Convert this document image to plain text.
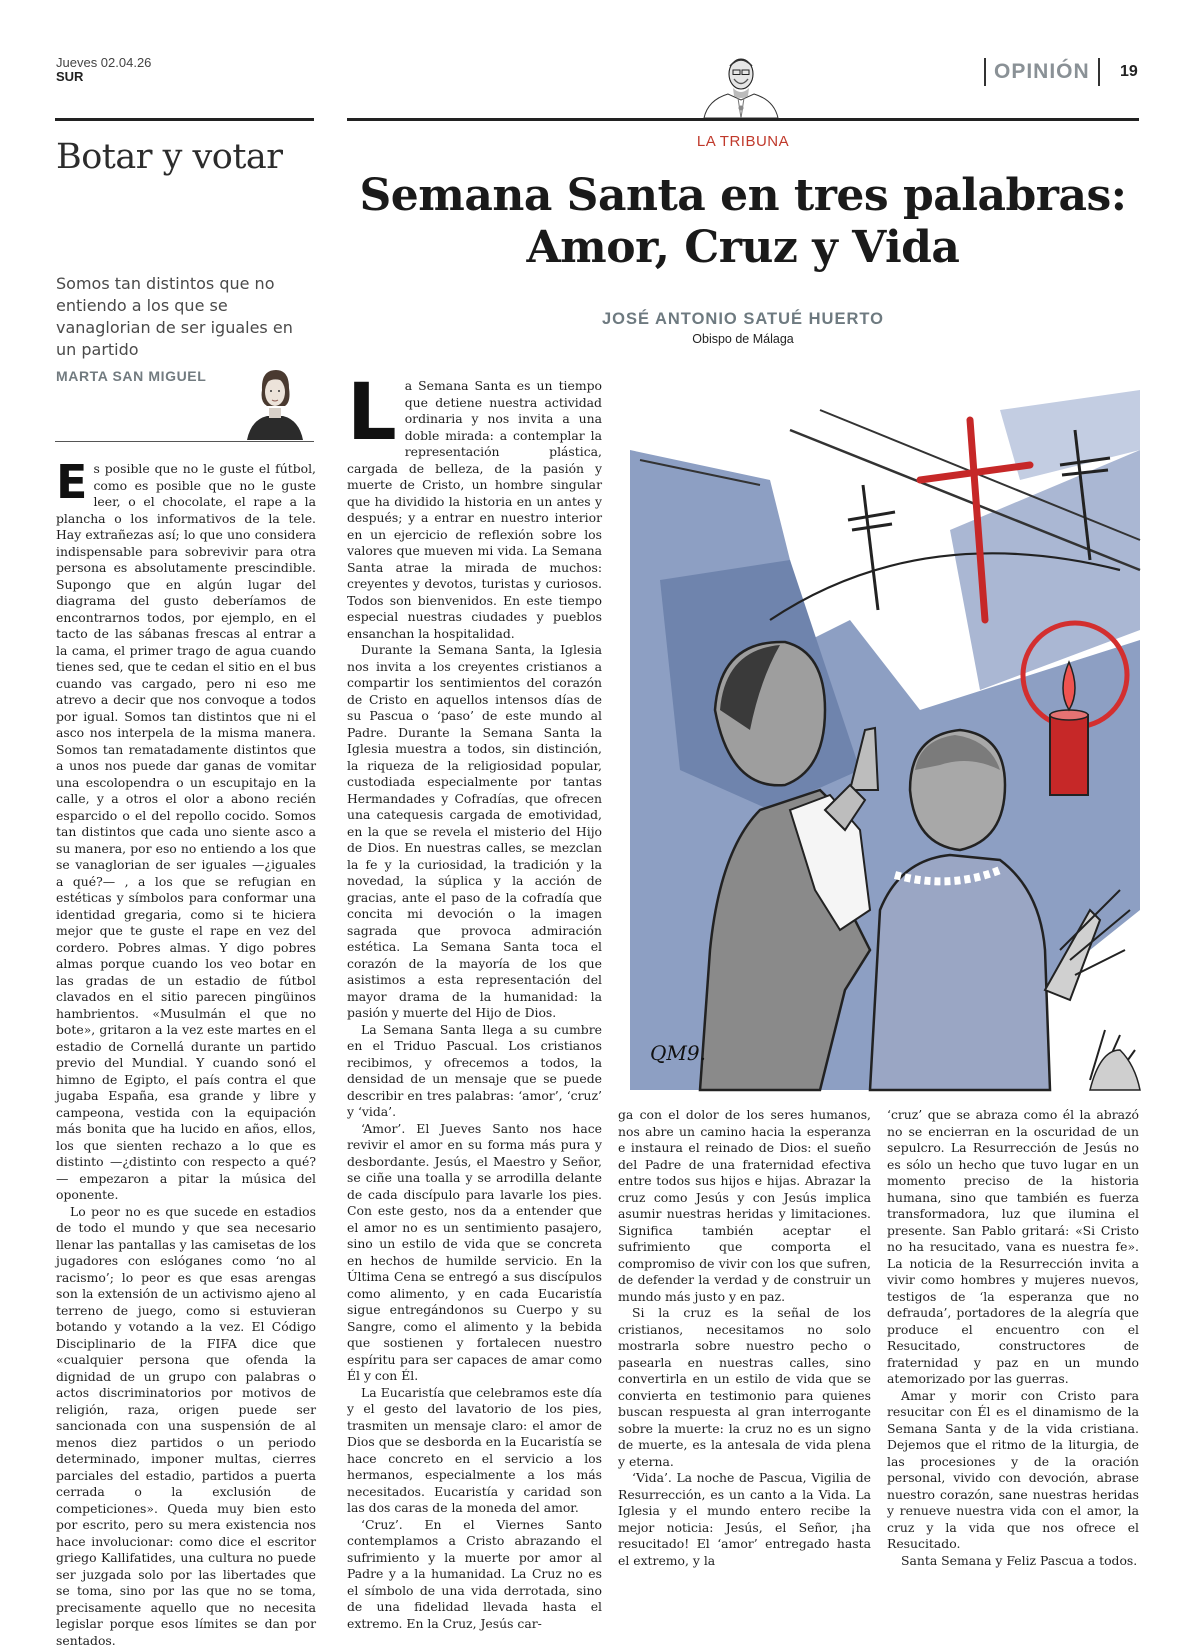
Jueves 02.04.26
SUR	OPINIÓN	19
Botar y votar
Somos tan distintos que no entiendo a los que se vanaglorian de ser iguales en un partido
MARTA SAN MIGUEL

Es posible que no le guste el fútbol, como es posible que no le guste leer, o el chocolate, el rape a la plancha o los informativos de la tele. Hay extrañezas así; lo que uno considera indispensable para sobrevivir para otra persona es absolutamente prescindible. Supongo que en algún lugar del diagrama del gusto deberíamos de encontrarnos todos, por ejemplo, en el tacto de las sábanas frescas al entrar a la cama, el primer trago de agua cuando tienes sed, que te cedan el sitio en el bus cuando vas cargado, pero ni eso me atrevo a decir que nos convoque a todos por igual. Somos tan distintos que ni el asco nos interpela de la misma manera. Somos tan rematadamente distintos que a unos nos puede dar ganas de vomitar una escolopendra o un escupitajo en la calle, y a otros el olor a abono recién esparcido o el del repollo cocido. Somos tan distintos que cada uno siente asco a su manera, por eso no entiendo a los que se vanaglorian de ser iguales —¿iguales a qué?— , a los que se refugian en estéticas y símbolos para conformar una identidad gregaria, como si te hiciera mejor que te guste el rape en vez del cordero. Pobres almas. Y digo pobres almas porque cuando los veo botar en las gradas de un estadio de fútbol clavados en el sitio parecen pingüinos hambrientos. «Musulmán el que no bote», gritaron a la vez este martes en el estadio de Cornellá durante un partido previo del Mundial. Y cuando sonó el himno de Egipto, el país contra el que jugaba España, esa grande y libre y campeona, vestida con la equipación más bonita que ha lucido en años, ellos, los que sienten rechazo a lo que es distinto —¿distinto con respecto a qué?— empezaron a pitar la música del oponente.

Lo peor no es que sucede en estadios de todo el mundo y que sea necesario llenar las pantallas y las camisetas de los jugadores con eslóganes como ‘no al racismo’; lo peor es que esas arengas son la extensión de un activismo ajeno al terreno de juego, como si estuvieran botando y votando a la vez. El Código Disciplinario de la FIFA dice que «cualquier persona que ofenda la dignidad de un grupo con palabras o actos discriminatorios por motivos de religión, raza, origen puede ser sancionada con una suspensión de al menos diez partidos o un periodo determinado, imponer multas, cierres parciales del estadio, partidos a puerta cerrada o la exclusión de competiciones». Queda muy bien esto por escrito, pero su mera existencia nos hace involucionar: como dice el escritor griego Kallifatides, una cultura no puede ser juzgada solo por las libertades que se toma, sino por las que no se toma, precisamente aquello que no necesita legislar porque esos límites se dan por sentados.

LA TRIBUNA
Semana Santa en tres palabras:
Amor, Cruz y Vida
JOSÉ ANTONIO SATUÉ HUERTO
Obispo de Málaga

La Semana Santa es un tiempo que detiene nuestra actividad ordinaria y nos invita a una doble mirada: a contemplar la representación plástica, cargada de belleza, de la pasión y muerte de Cristo, un hombre singular que ha dividido la historia en un antes y después; y a entrar en nuestro interior en un ejercicio de reflexión sobre los valores que mueven mi vida. La Semana Santa atrae la mirada de muchos: creyentes y devotos, turistas y curiosos. Todos son bienvenidos. En este tiempo especial nuestras ciudades y pueblos ensanchan la hospitalidad.

Durante la Semana Santa, la Iglesia nos invita a los creyentes cristianos a compartir los sentimientos del corazón de Cristo en aquellos intensos días de su Pascua o ‘paso’ de este mundo al Padre. Durante la Semana Santa la Iglesia muestra a todos, sin distinción, la riqueza de la religiosidad popular, custodiada especialmente por tantas Hermandades y Cofradías, que ofrecen una catequesis cargada de emotividad, en la que se revela el misterio del Hijo de Dios. En nuestras calles, se mezclan la fe y la curiosidad, la tradición y la novedad, la súplica y la acción de gracias, ante el paso de la cofradía que concita mi devoción o la imagen sagrada que provoca admiración estética. La Semana Santa toca el corazón de la mayoría de los que asistimos a esta representación del mayor drama de la humanidad: la pasión y muerte del Hijo de Dios.

La Semana Santa llega a su cumbre en el Triduo Pascual. Los cristianos recibimos, y ofrecemos a todos, la densidad de un mensaje que se puede describir en tres palabras: ‘amor’, ‘cruz’ y ‘vida’.

‘Amor’. El Jueves Santo nos hace revivir el amor en su forma más pura y desbordante. Jesús, el Maestro y Señor, se ciñe una toalla y se arrodilla delante de cada discípulo para lavarle los pies. Con este gesto, nos da a entender que el amor no es un sentimiento pasajero, sino un estilo de vida que se concreta en hechos de humilde servicio. En la Última Cena se entregó a sus discípulos como alimento, y en cada Eucaristía sigue entregándonos su Cuerpo y su Sangre, como el alimento y la bebida que sostienen y fortalecen nuestro espíritu para ser capaces de amar como Él y con Él.

La Eucaristía que celebramos este día y el gesto del lavatorio de los pies, trasmiten un mensaje claro: el amor de Dios que se desborda en la Eucaristía se hace concreto en el servicio a los hermanos, especialmente a los más necesitados. Eucaristía y caridad son las dos caras de la moneda del amor.

‘Cruz’. En el Viernes Santo contemplamos a Cristo abrazando el sufrimiento y la muerte por amor al Padre y a la humanidad. La Cruz no es el símbolo de una vida derrotada, sino de una fidelidad llevada hasta el extremo. En la Cruz, Jesús car-

QM9.

ga con el dolor de los seres humanos, nos abre un camino hacia la esperanza e instaura el reinado de Dios: el sueño del Padre de una fraternidad efectiva entre todos sus hijos e hijas. Abrazar la cruz como Jesús y con Jesús implica asumir nuestras heridas y limitaciones. Significa también aceptar el sufrimiento que comporta el compromiso de vivir con los que sufren, de defender la verdad y de construir un mundo más justo y en paz.

Si la cruz es la señal de los cristianos, necesitamos no solo mostrarla sobre nuestro pecho o pasearla en nuestras calles, sino convertirla en un estilo de vida que se convierta en testimonio para quienes buscan respuesta al gran interrogante sobre la muerte: la cruz no es un signo de muerte, es la antesala de vida plena y eterna.

‘Vida’. La noche de Pascua, Vigilia de Resurrección, es un canto a la Vida. La Iglesia y el mundo entero recibe la mejor noticia: Jesús, el Señor, ¡ha resucitado! El ‘amor’ entregado hasta el extremo, y la

‘cruz’ que se abraza como él la abrazó no se encierran en la oscuridad de un sepulcro. La Resurrección de Jesús no es sólo un hecho que tuvo lugar en un momento preciso de la historia humana, sino que también es fuerza transformadora, luz que ilumina el presente. San Pablo gritará: «Si Cristo no ha resucitado, vana es nuestra fe». La noticia de la Resurrección invita a vivir como hombres y mujeres nuevos, testigos de ‘la esperanza que no defrauda’, portadores de la alegría que produce el encuentro con el Resucitado, constructores de fraternidad y paz en un mundo atemorizado por las guerras.

Amar y morir con Cristo para resucitar con Él es el dinamismo de la Semana Santa y de la vida cristiana. Dejemos que el ritmo de la liturgia, de las procesiones y de la oración personal, vivido con devoción, abrase nuestro corazón, sane nuestras heridas y renueve nuestra vida con el amor, la cruz y la vida que nos ofrece el Resucitado.

Santa Semana y Feliz Pascua a todos.
